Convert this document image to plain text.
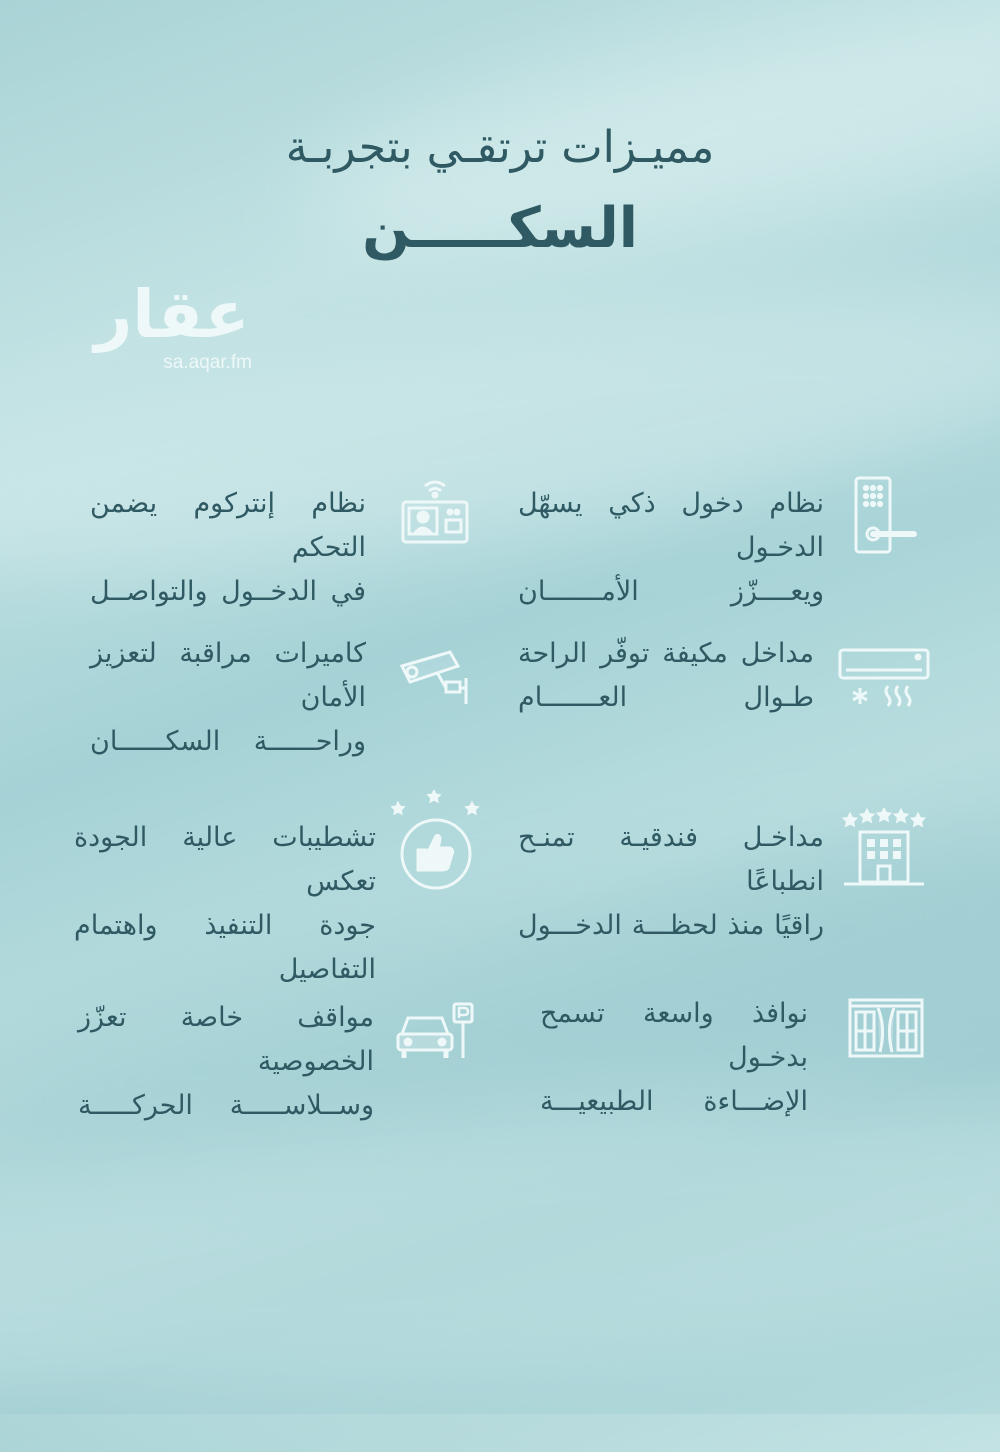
مميـزات ترتقـي بتجربـة
السكـــــن
عقار
sa.aqar.fm
نظام دخول ذكي يسهّل الدخـول
ويعــــزّز الأمـــــــان
نظام إنتركوم يضمن التحكم
في الدخــول والتواصــل
مداخل مكيفة توفّر الراحة
طـوال العـــــــام
كاميرات مراقبة لتعزيز الأمان
وراحــــــة السكــــــان
مداخـل فندقيـة تمنـح انطباعًا
راقيًا منذ لحظـــة الدخـــول
تشطيبات عالية الجودة تعكس
جودة التنفيذ واهتمام التفاصيل
نوافذ واسعة تسمح بدخـول
الإضـــاءة الطبيعيـــة
مواقف خاصة تعزّز الخصوصية
وســلاســـــة الحركـــــة
